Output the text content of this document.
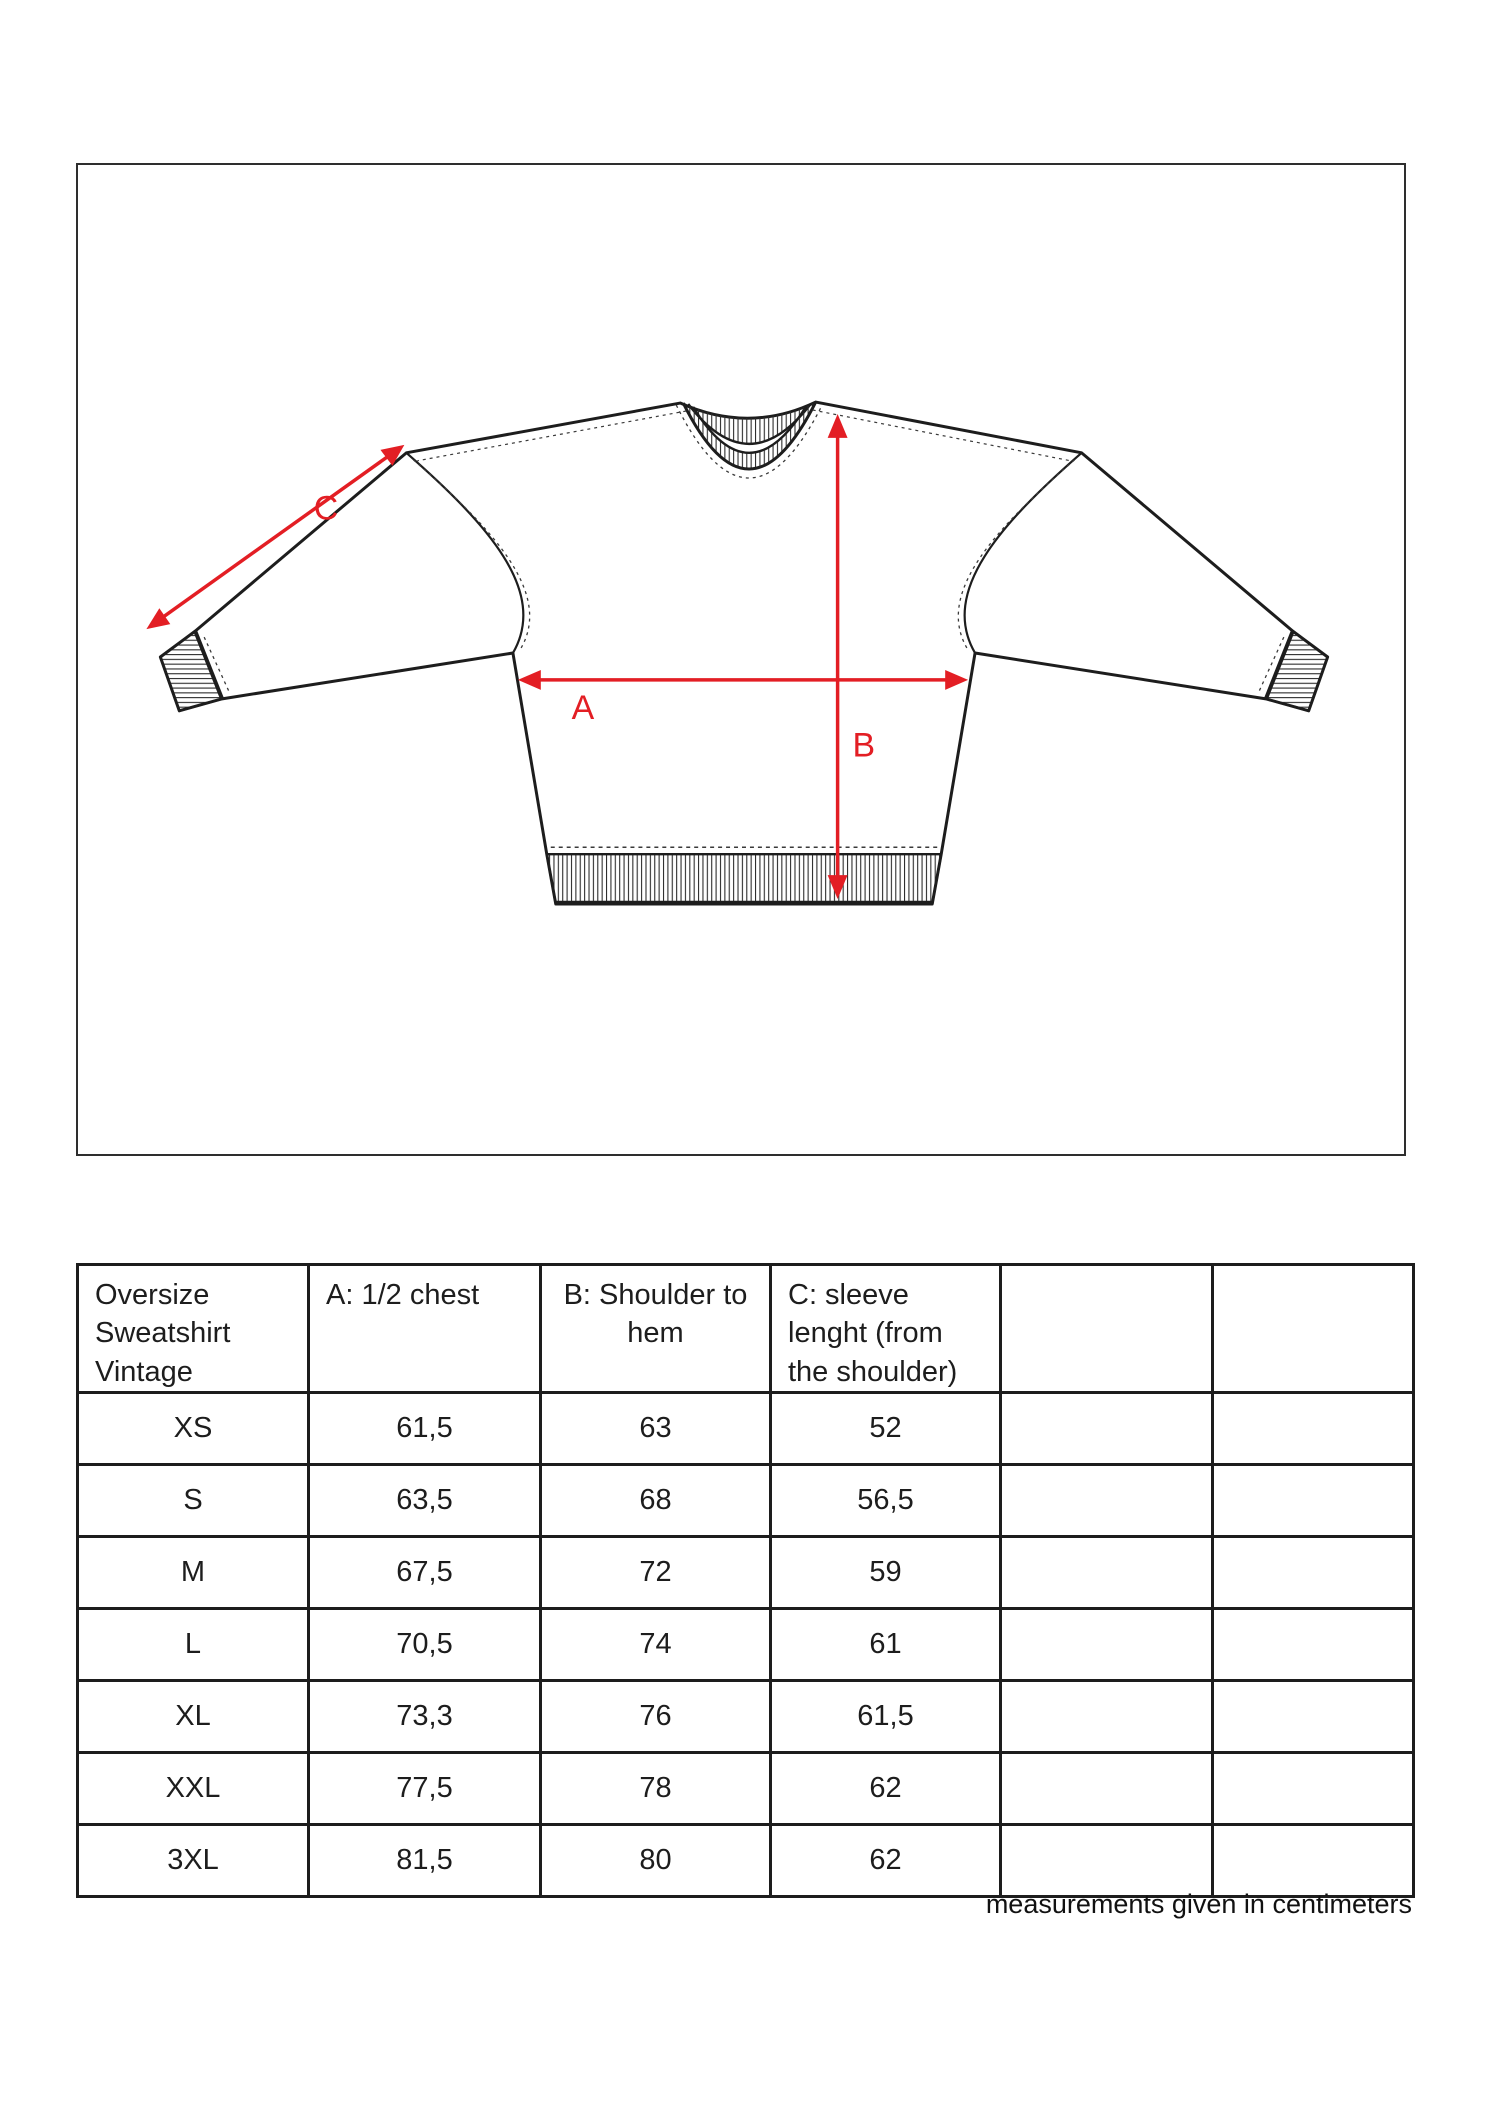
A
B
C
Oversize Sweatshirt Vintage	A: 1/2 chest	B: Shoulder to hem	C: sleeve lenght (from the shoulder)		
XS	61,5	63	52		
S	63,5	68	56,5		
M	67,5	72	59		
L	70,5	74	61		
XL	73,3	76	61,5		
XXL	77,5	78	62		
3XL	81,5	80	62		
measurements given in centimeters
